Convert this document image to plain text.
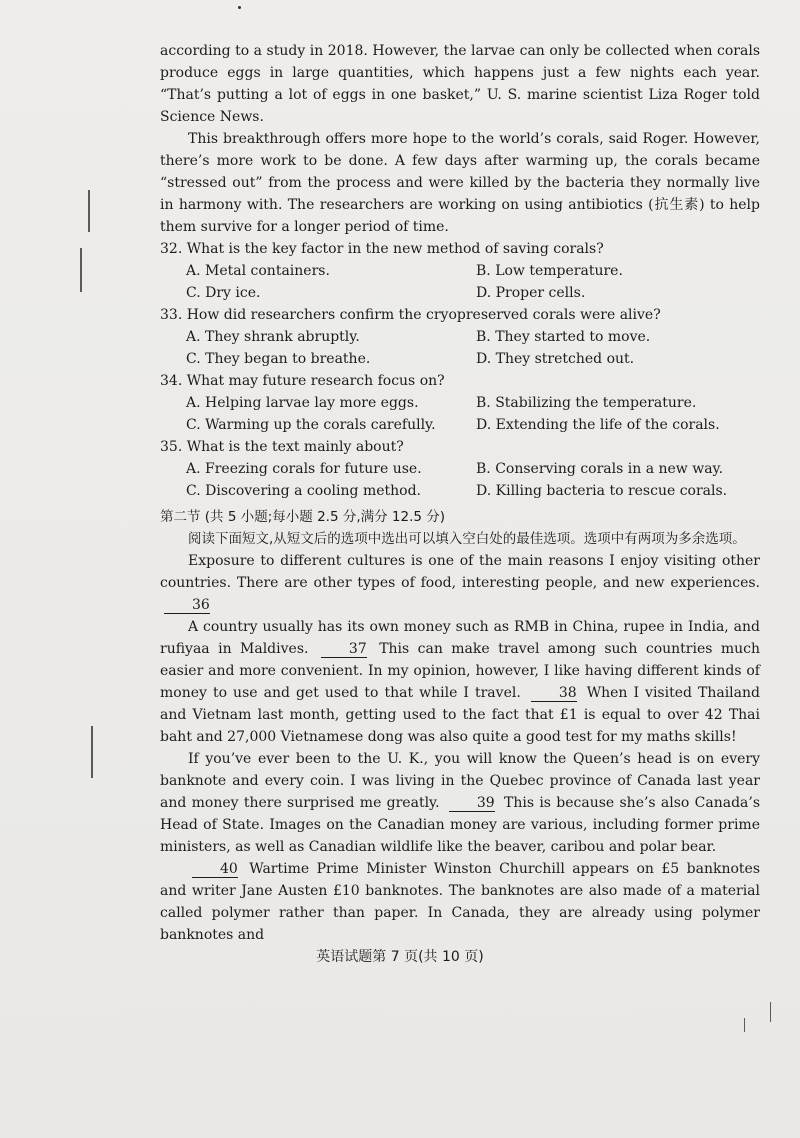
according to a study in 2018. However, the larvae can only be collected when corals produce eggs in large quantities, which happens just a few nights each year. “That’s putting a lot of eggs in one basket,” U. S. marine scientist Liza Roger told Science News.

This breakthrough offers more hope to the world’s corals, said Roger. However, there’s more work to be done. A few days after warming up, the corals became “stressed out” from the process and were killed by the bacteria they normally live in harmony with. The researchers are working on using antibiotics (抗生素) to help them survive for a longer period of time.

32. What is the key factor in the new method of saving corals?

A. Metal containers.	B. Low temperature.
C. Dry ice.	D. Proper cells.

33. How did researchers confirm the cryopreserved corals were alive?

A. They shrank abruptly.	B. They started to move.
C. They began to breathe.	D. They stretched out.

34. What may future research focus on?

A. Helping larvae lay more eggs.	B. Stabilizing the temperature.
C. Warming up the corals carefully.	D. Extending the life of the corals.

35. What is the text mainly about?

A. Freezing corals for future use.	B. Conserving corals in a new way.
C. Discovering a cooling method.	D. Killing bacteria to rescue corals.

第二节 (共 5 小题;每小题 2.5 分,满分 12.5 分)

阅读下面短文,从短文后的选项中选出可以填入空白处的最佳选项。选项中有两项为多余选项。

Exposure to different cultures is one of the main reasons I enjoy visiting other countries. There are other types of food, interesting people, and new experiences. 36

A country usually has its own money such as RMB in China, rupee in India, and rufiyaa in Maldives.	37 This can make travel among such countries much easier and more convenient. In my opinion, however, I like having different kinds of money to use and get used to that while I travel.	38 When I visited Thailand and Vietnam last month, getting used to the fact that £1 is equal to over 42 Thai baht and 27,000 Vietnamese dong was also quite a good test for my maths skills!

If you’ve ever been to the U. K., you will know the Queen’s head is on every banknote and every coin. I was living in the Quebec province of Canada last year and money there surprised me greatly.	39 This is because she’s also Canada’s Head of State. Images on the Canadian money are various, including former prime ministers, as well as Canadian wildlife like the beaver, caribou and polar bear.

40 Wartime Prime Minister Winston Churchill appears on £5 banknotes and writer Jane Austen £10 banknotes. The banknotes are also made of a material called polymer rather than paper. In Canada, they are already using polymer banknotes and

英语试题第 7 页(共 10 页)
